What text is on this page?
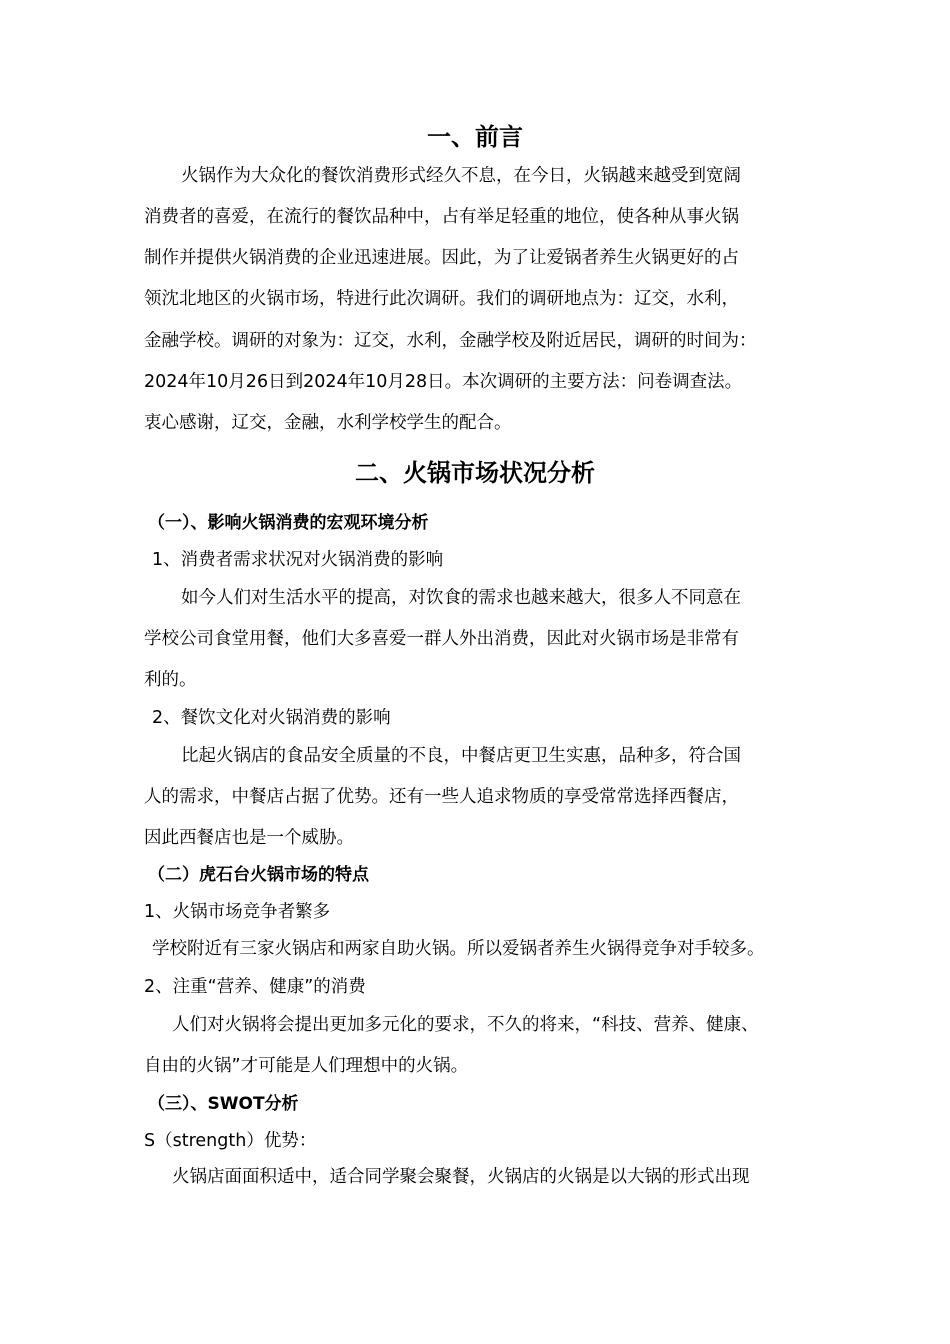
一、前言
火锅作为大众化的餐饮消费形式经久不息，在今日，火锅越来越受到宽阔
消费者的喜爱，在流行的餐饮品种中，占有举足轻重的地位，使各种从事火锅
制作并提供火锅消费的企业迅速进展。因此，为了让爱锅者养生火锅更好的占
领沈北地区的火锅市场，特进行此次调研。我们的调研地点为：辽交，水利，
金融学校。调研的对象为：辽交，水利，金融学校及附近居民，调研的时间为：
2024年10月26日到2024年10月28日。本次调研的主要方法：问卷调查法。
衷心感谢，辽交，金融，水利学校学生的配合。
二、火锅市场状况分析
（一）、影响火锅消费的宏观环境分析
1、消费者需求状况对火锅消费的影响
如今人们对生活水平的提高，对饮食的需求也越来越大，很多人不同意在
学校公司食堂用餐，他们大多喜爱一群人外出消费，因此对火锅市场是非常有
利的。
2、餐饮文化对火锅消费的影响
比起火锅店的食品安全质量的不良，中餐店更卫生实惠，品种多，符合国
人的需求，中餐店占据了优势。还有一些人追求物质的享受常常选择西餐店，
因此西餐店也是一个威胁。
（二）虎石台火锅市场的特点
1、火锅市场竞争者繁多
学校附近有三家火锅店和两家自助火锅。所以爱锅者养生火锅得竞争对手较多。
2、注重“营养、健康”的消费
人们对火锅将会提出更加多元化的要求，不久的将来，“科技、营养、健康、
自由的火锅”才可能是人们理想中的火锅。
（三）、SWOT分析
S（strength）优势：
火锅店面面积适中，适合同学聚会聚餐，火锅店的火锅是以大锅的形式出现
